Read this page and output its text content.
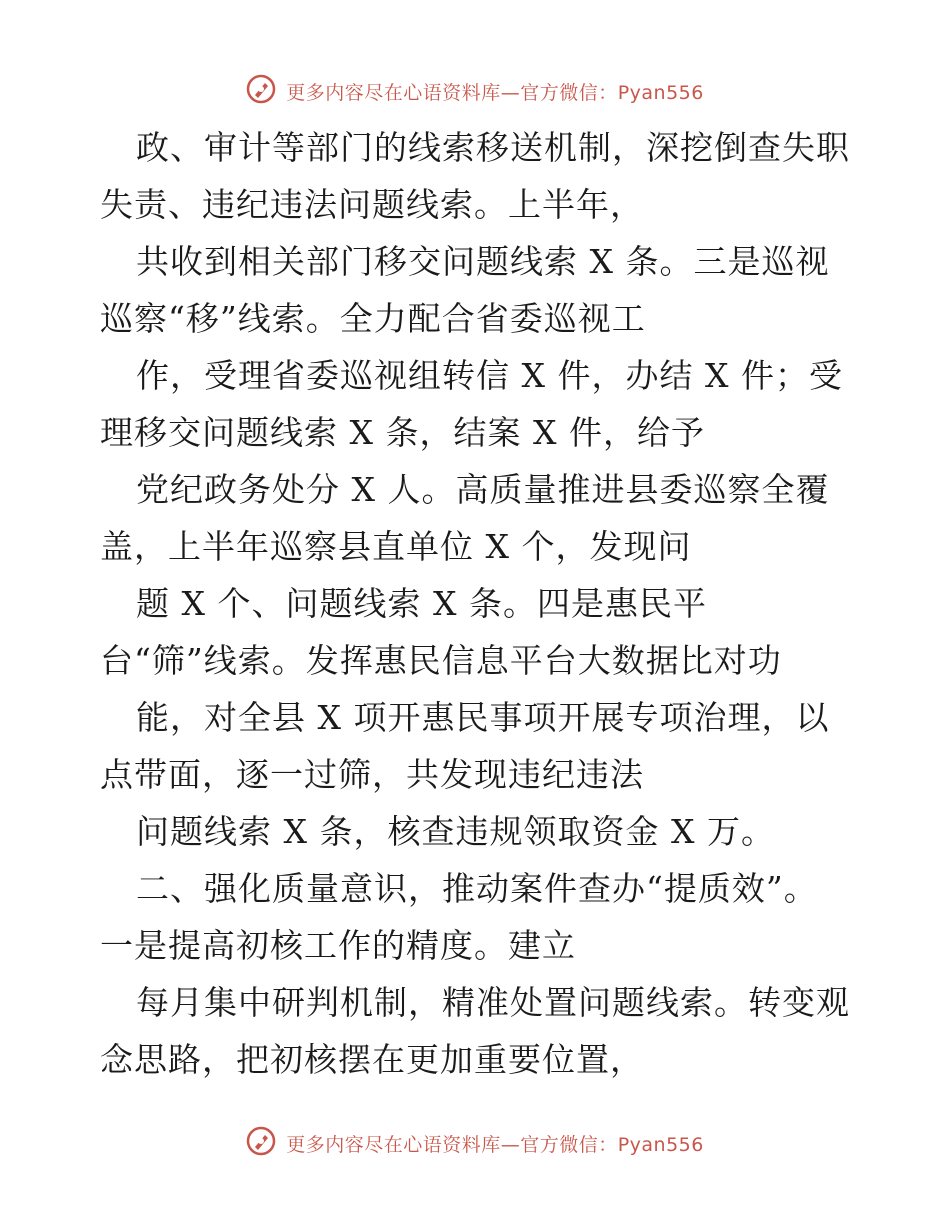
更多内容尽在心语资料库—官方微信：Pyan556
政、审计等部门的线索移送机制，深挖倒查失职
失责、违纪违法问题线索。上半年，
共收到相关部门移交问题线索 X 条。三是巡视
巡察“移”线索。全力配合省委巡视工
作，受理省委巡视组转信 X 件，办结 X 件；受
理移交问题线索 X 条，结案 X 件，给予
党纪政务处分 X 人。高质量推进县委巡察全覆
盖，上半年巡察县直单位 X 个，发现问
题 X 个、问题线索 X 条。四是惠民平
台“筛”线索。发挥惠民信息平台大数据比对功
能，对全县 X 项开惠民事项开展专项治理，以
点带面，逐一过筛，共发现违纪违法
问题线索 X 条，核查违规领取资金 X 万。
二、强化质量意识，推动案件查办“提质效”。
一是提高初核工作的精度。建立
每月集中研判机制，精准处置问题线索。转变观
念思路，把初核摆在更加重要位置，
更多内容尽在心语资料库—官方微信：Pyan556
